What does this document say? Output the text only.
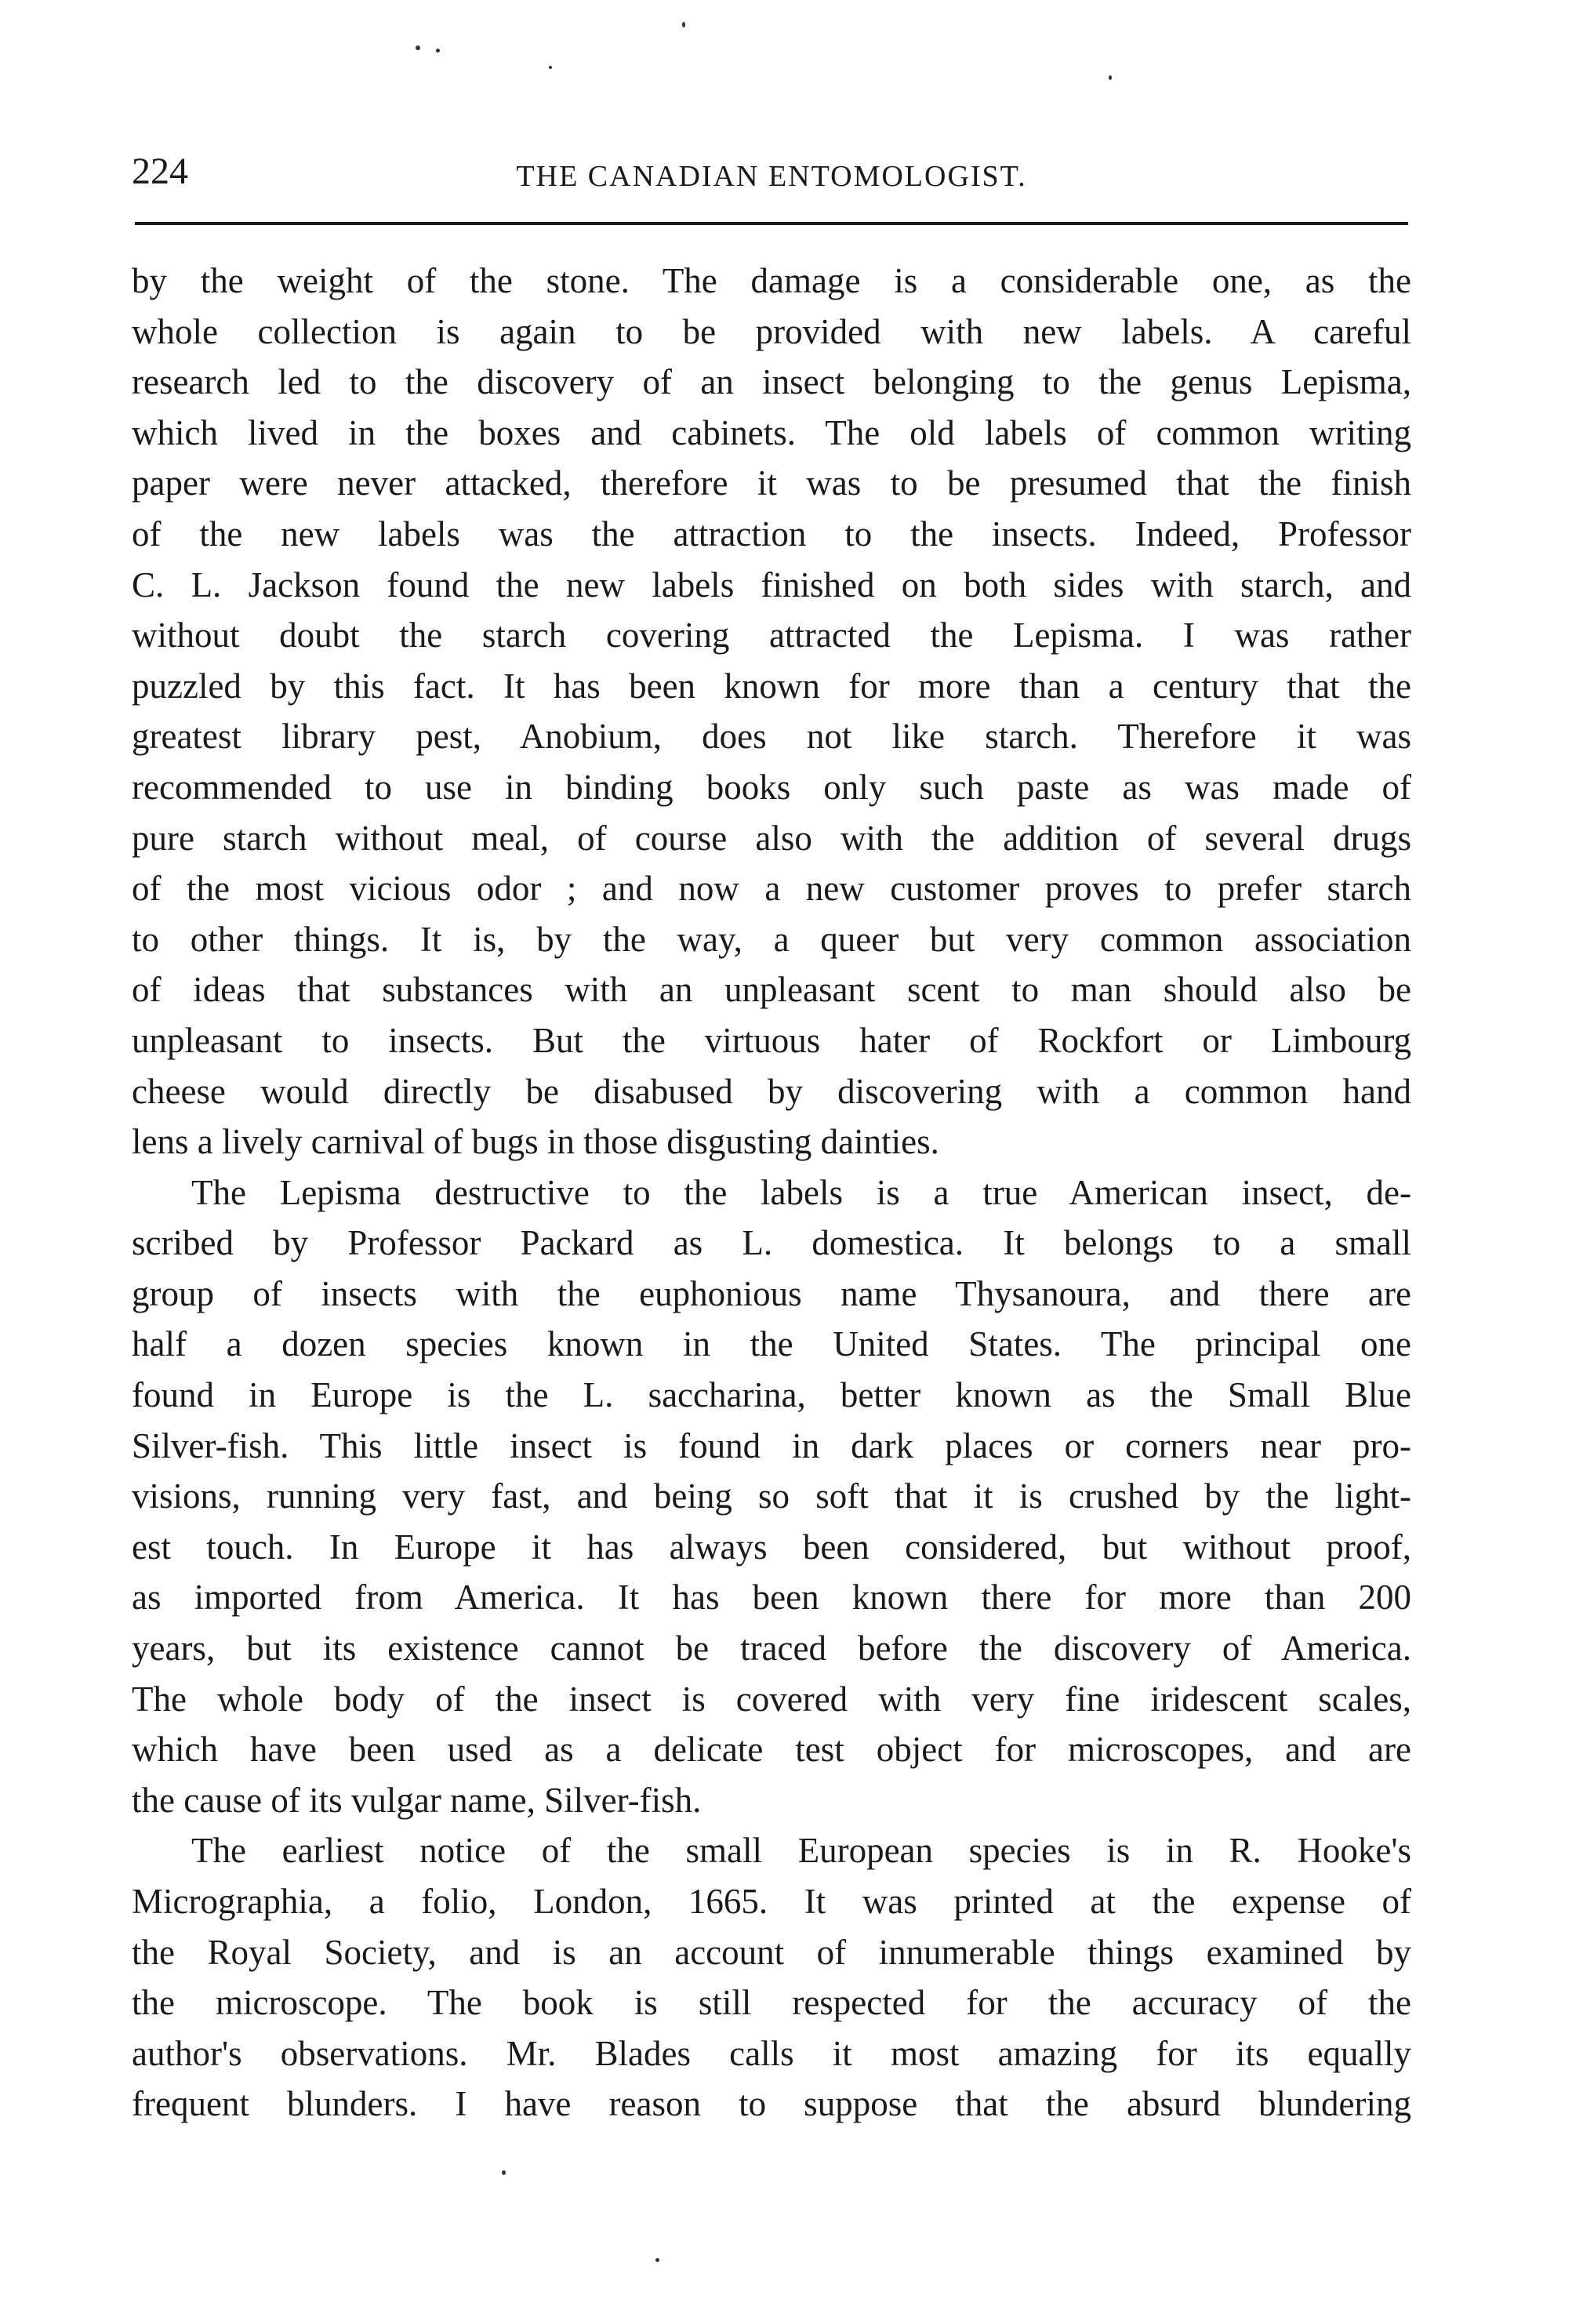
224	THE CANADIAN ENTOMOLOGIST.
by the weight of the stone. The damage is a considerable one, as the
whole collection is again to be provided with new labels. A careful
research led to the discovery of an insect belonging to the genus Lepisma,
which lived in the boxes and cabinets. The old labels of common writing
paper were never attacked, therefore it was to be presumed that the finish
of the new labels was the attraction to the insects. Indeed, Professor
C. L. Jackson found the new labels finished on both sides with starch, and
without doubt the starch covering attracted the Lepisma. I was rather
puzzled by this fact. It has been known for more than a century that the
greatest library pest, Anobium, does not like starch. Therefore it was
recommended to use in binding books only such paste as was made of
pure starch without meal, of course also with the addition of several drugs
of the most vicious odor ; and now a new customer proves to prefer starch
to other things. It is, by the way, a queer but very common association
of ideas that substances with an unpleasant scent to man should also be
unpleasant to insects. But the virtuous hater of Rockfort or Limbourg
cheese would directly be disabused by discovering with a common hand
lens a lively carnival of bugs in those disgusting dainties.
The Lepisma destructive to the labels is a true American insect, de-
scribed by Professor Packard as L. domestica. It belongs to a small
group of insects with the euphonious name Thysanoura, and there are
half a dozen species known in the United States. The principal one
found in Europe is the L. saccharina, better known as the Small Blue
Silver-fish. This little insect is found in dark places or corners near pro-
visions, running very fast, and being so soft that it is crushed by the light-
est touch. In Europe it has always been considered, but without proof,
as imported from America. It has been known there for more than 200
years, but its existence cannot be traced before the discovery of America.
The whole body of the insect is covered with very fine iridescent scales,
which have been used as a delicate test object for microscopes, and are
the cause of its vulgar name, Silver-fish.
The earliest notice of the small European species is in R. Hooke's
Micrographia, a folio, London, 1665. It was printed at the expense of
the Royal Society, and is an account of innumerable things examined by
the microscope. The book is still respected for the accuracy of the
author's observations. Mr. Blades calls it most amazing for its equally
frequent blunders. I have reason to suppose that the absurd blundering
